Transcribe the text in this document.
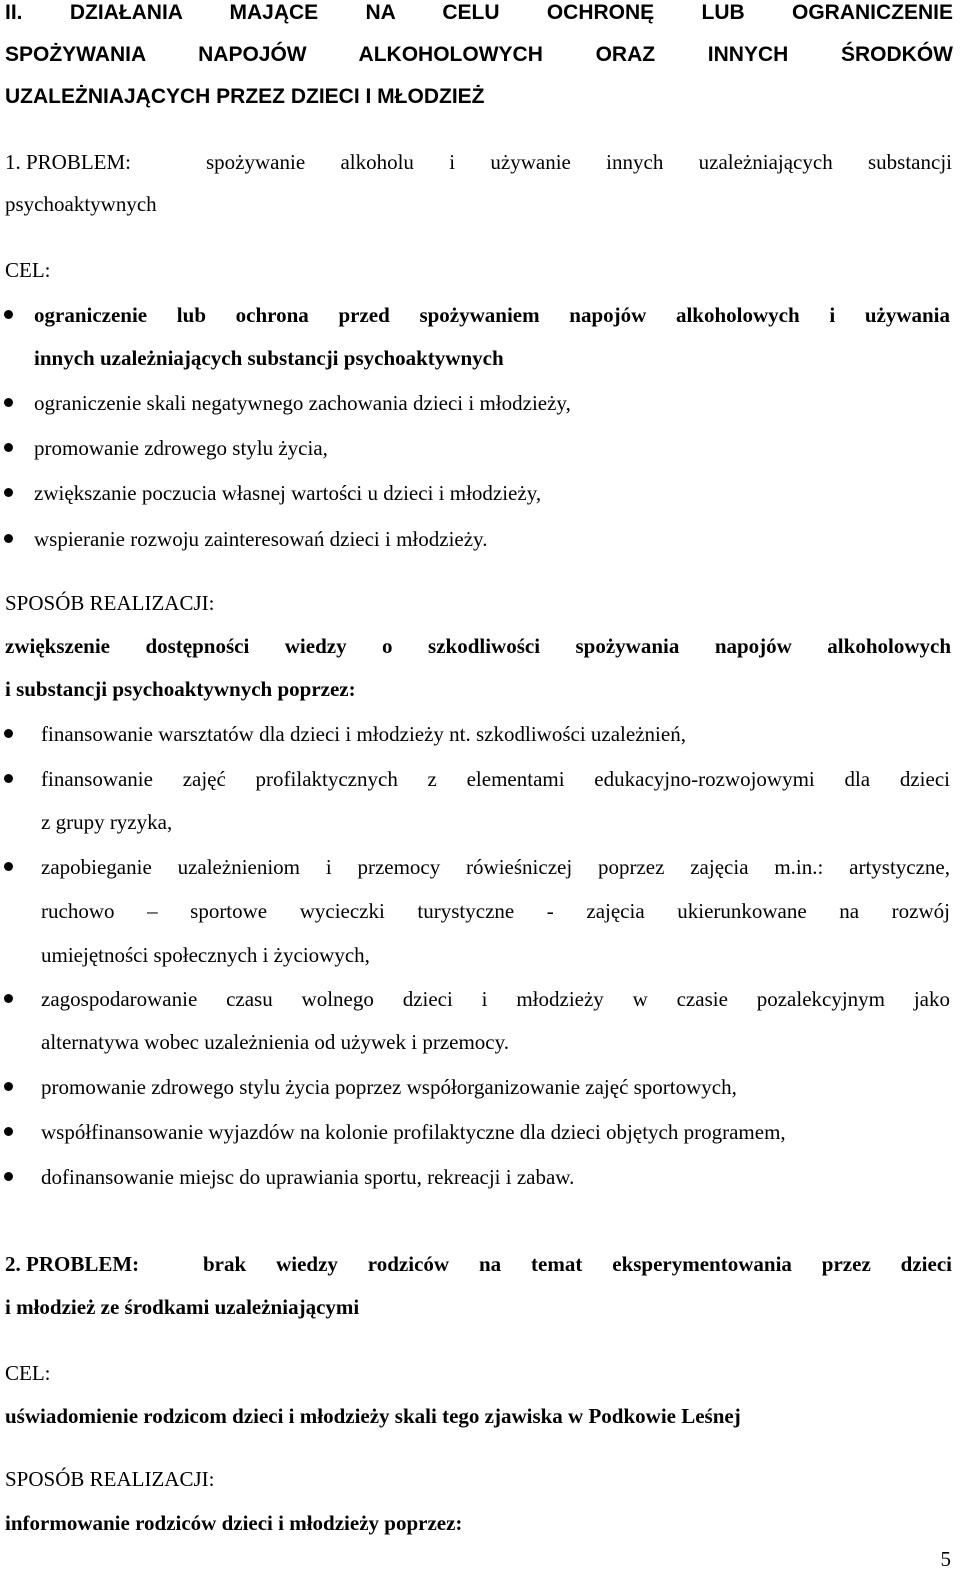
II. DZIAŁANIA MAJĄCE NA CELU OCHRONĘ LUB OGRANICZENIE
SPOŻYWANIA NAPOJÓW ALKOHOLOWYCH ORAZ INNYCH ŚRODKÓW
UZALEŻNIAJĄCYCH PRZEZ DZIECI I MŁODZIEŻ
1. PROBLEM:	spożywanie alkoholu i używanie innych uzależniających substancji
psychoaktywnych
CEL:
ograniczenie lub ochrona przed spożywaniem napojów alkoholowych i używania
innych uzależniających substancji psychoaktywnych
ograniczenie skali negatywnego zachowania dzieci i młodzieży,
promowanie zdrowego stylu życia,
zwiększanie poczucia własnej wartości u dzieci i młodzieży,
wspieranie rozwoju zainteresowań dzieci i młodzieży.
SPOSÓB REALIZACJI:
zwiększenie dostępności wiedzy o szkodliwości spożywania napojów alkoholowych
i substancji psychoaktywnych poprzez:
finansowanie warsztatów dla dzieci i młodzieży nt. szkodliwości uzależnień,
finansowanie zajęć profilaktycznych z elementami edukacyjno-rozwojowymi dla dzieci
z grupy ryzyka,
zapobieganie uzależnieniom i przemocy rówieśniczej poprzez zajęcia m.in.: artystyczne,
ruchowo – sportowe wycieczki turystyczne - zajęcia ukierunkowane na rozwój
umiejętności społecznych i życiowych,
zagospodarowanie czasu wolnego dzieci i młodzieży w czasie pozalekcyjnym jako
alternatywa wobec uzależnienia od używek i przemocy.
promowanie zdrowego stylu życia poprzez współorganizowanie zajęć sportowych,
współfinansowanie wyjazdów na kolonie profilaktyczne dla dzieci objętych programem,
dofinansowanie miejsc do uprawiania sportu, rekreacji i zabaw.
2. PROBLEM:	brak wiedzy rodziców na temat eksperymentowania przez dzieci
i młodzież ze środkami uzależniającymi
CEL:
uświadomienie rodzicom dzieci i młodzieży skali tego zjawiska w Podkowie Leśnej
SPOSÓB REALIZACJI:
informowanie rodziców dzieci i młodzieży poprzez:
5
